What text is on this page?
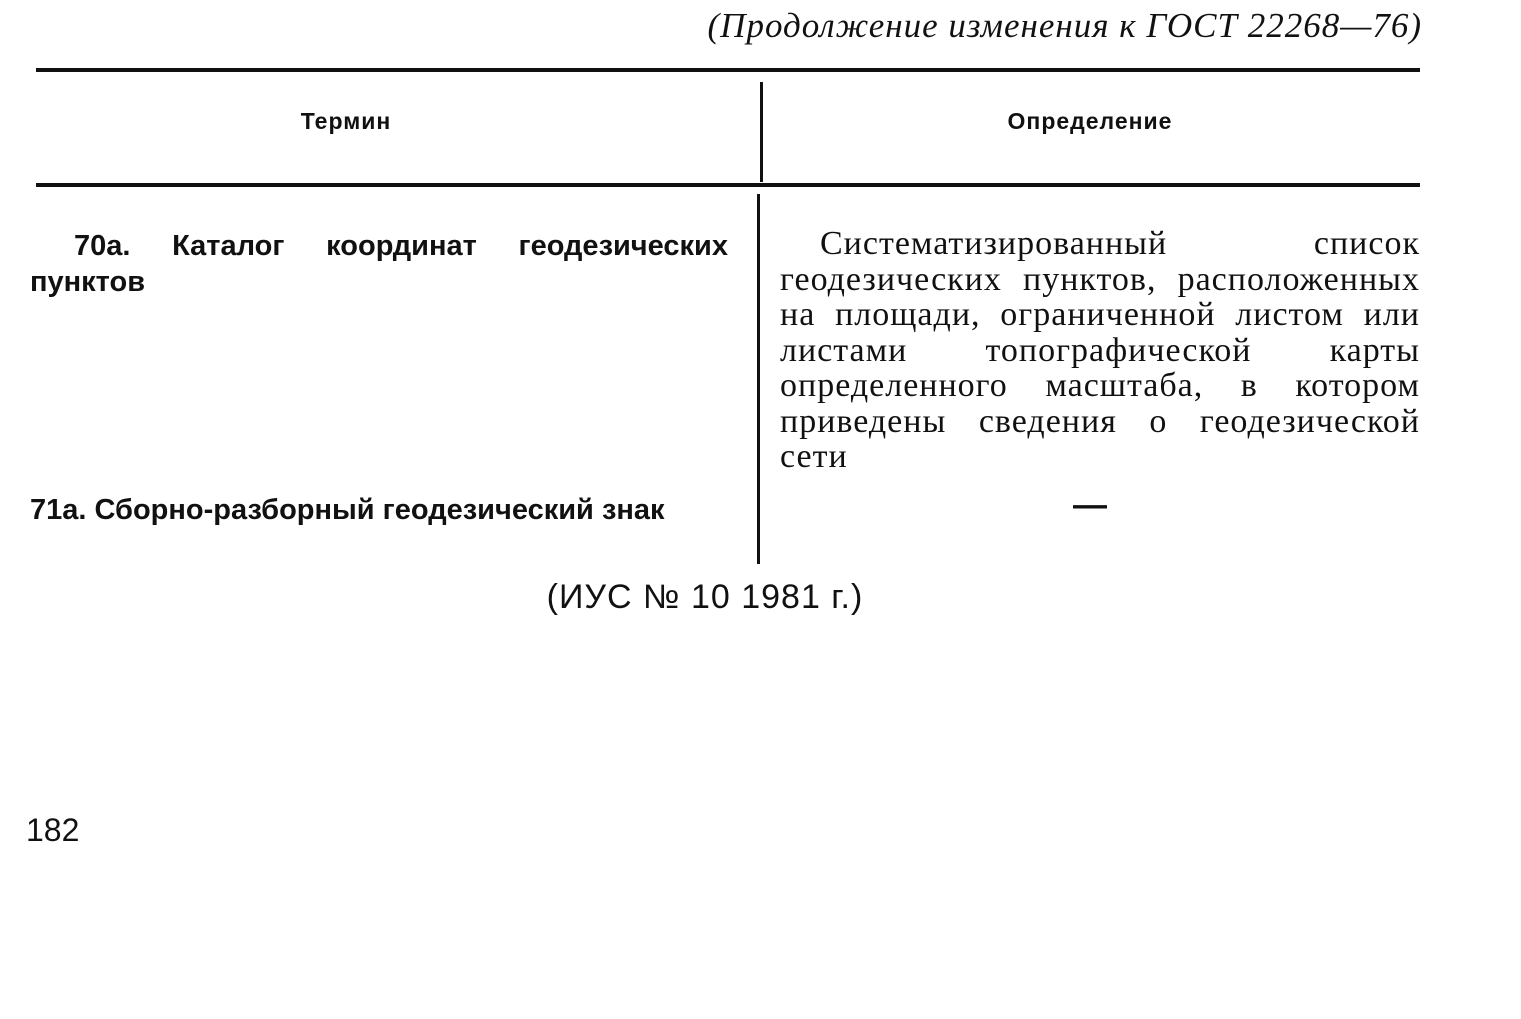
(Продолжение изменения к ГОСТ 22268—76)
Термин	Определение
70а. Каталог координат геодезических пунктов
Систематизированный список геодезических пунктов, расположенных на площади, ограниченной листом или листами топографической карты определенного масштаба, в котором приведены сведения о геодезической сети
71а. Сборно-разборный геодезический знак	—
(ИУС № 10 1981 г.)
182
